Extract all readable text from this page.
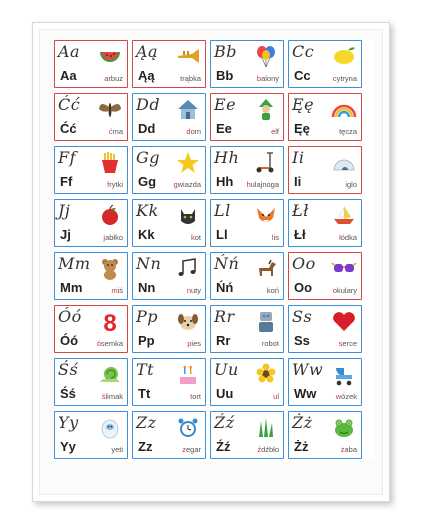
Aa
Aa	arbuz
Ąą
Ąą	trąbka
Bb
Bb	balony
Cc
Cc	cytryna
Ćć
Ćć	ćma
Dd
Dd	dom
Ee
Ee	elf
Ęę
Ęę	tęcza
Ff
Ff	frytki
Gg
Gg gwiazda
Hh
Hh hulajnoga
Ii
Ii	iglo
Jj
Jj	jabłko
Kk
Kk	kot
Ll
Ll	lis
Łł
Łł	łódka
Mm
Mm	miś
Nn
Nn	nuty
Ńń
Ńń	koń
Oo
Oo	okulary
Óó
Óó
8
ósemka
Pp
Pp	pies
Rr
Rr	robot
Ss
Ss	serce
Śś
Śś	ślimak
Tt
Tt	tort
Uu
Uu	ul
Ww
Ww	wózek
Yy
Yy	yeti
Zz
Zz	zegar
Źź
Źź	źdźbło
Żż
Żż	żaba
